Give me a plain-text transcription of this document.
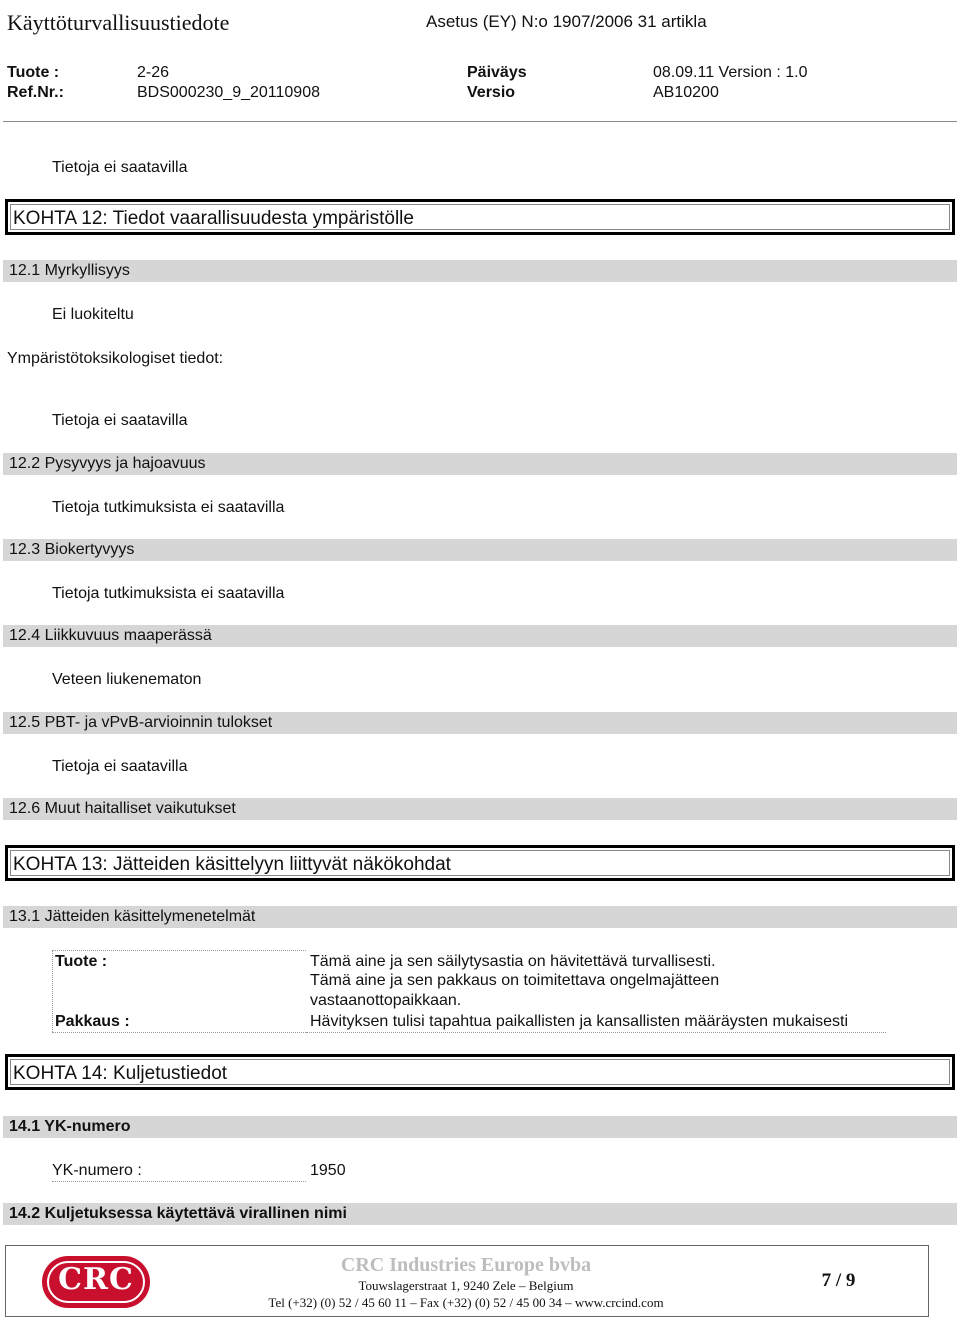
Käyttöturvallisuustiedote	Asetus (EY) N:o 1907/2006 31 artikla
Tuote :	2-26	Päiväys	08.09.11 Version : 1.0
Ref.Nr.:	BDS000230_9_20110908	Versio	AB10200
Tietoja ei saatavilla
KOHTA 12: Tiedot vaarallisuudesta ympäristölle
12.1 Myrkyllisyys
Ei luokiteltu
Ympäristötoksikologiset tiedot:
Tietoja ei saatavilla
12.2 Pysyvyys ja hajoavuus
Tietoja tutkimuksista ei saatavilla
12.3 Biokertyvyys
Tietoja tutkimuksista ei saatavilla
12.4 Liikkuvuus maaperässä
Veteen liukenematon
12.5 PBT- ja vPvB-arvioinnin tulokset
Tietoja ei saatavilla
12.6 Muut haitalliset vaikutukset
KOHTA 13: Jätteiden käsittelyyn liittyvät näkökohdat
13.1 Jätteiden käsittelymenetelmät
Tuote :	Tämä aine ja sen säilytysastia on hävitettävä turvallisesti.
Tämä aine ja sen pakkaus on toimitettava ongelmajätteen
vastaanottopaikkaan.
Pakkaus :	Hävityksen tulisi tapahtua paikallisten ja kansallisten määräysten mukaisesti
KOHTA 14: Kuljetustiedot
14.1 YK-numero
YK-numero :	1950
14.2 Kuljetuksessa käytettävä virallinen nimi
CRC	CRC Industries Europe bvba
Touwslagerstraat 1, 9240 Zele – Belgium
Tel (+32) (0) 52 / 45 60 11 – Fax (+32) (0) 52 / 45 00 34 – www.crcind.com
7 / 9
